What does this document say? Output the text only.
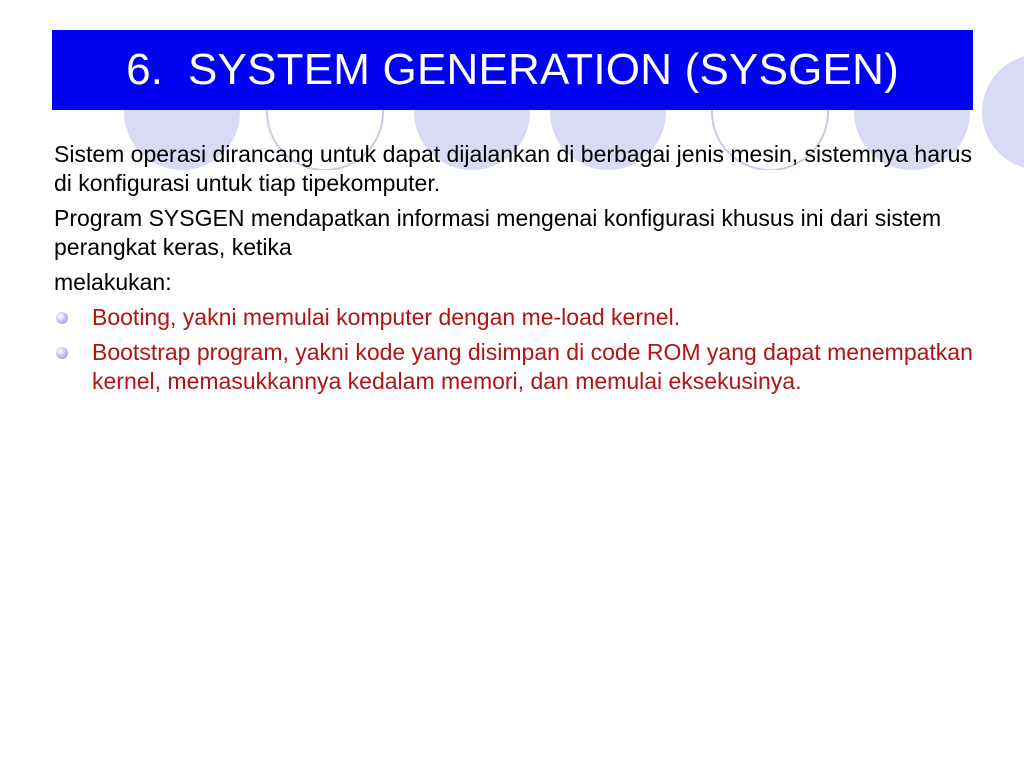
6.  SYSTEM GENERATION (SYSGEN)

Sistem operasi dirancang untuk dapat dijalankan di berbagai jenis mesin, sistemnya harus di konfigurasi untuk tiap tipekomputer.

Program SYSGEN mendapatkan informasi mengenai konfigurasi khusus ini dari sistem perangkat keras, ketika

melakukan:

Booting, yakni memulai komputer dengan me-load kernel.
Bootstrap program, yakni kode yang disimpan di code ROM yang dapat menempatkan kernel, memasukkannya kedalam memori, dan memulai eksekusinya.
